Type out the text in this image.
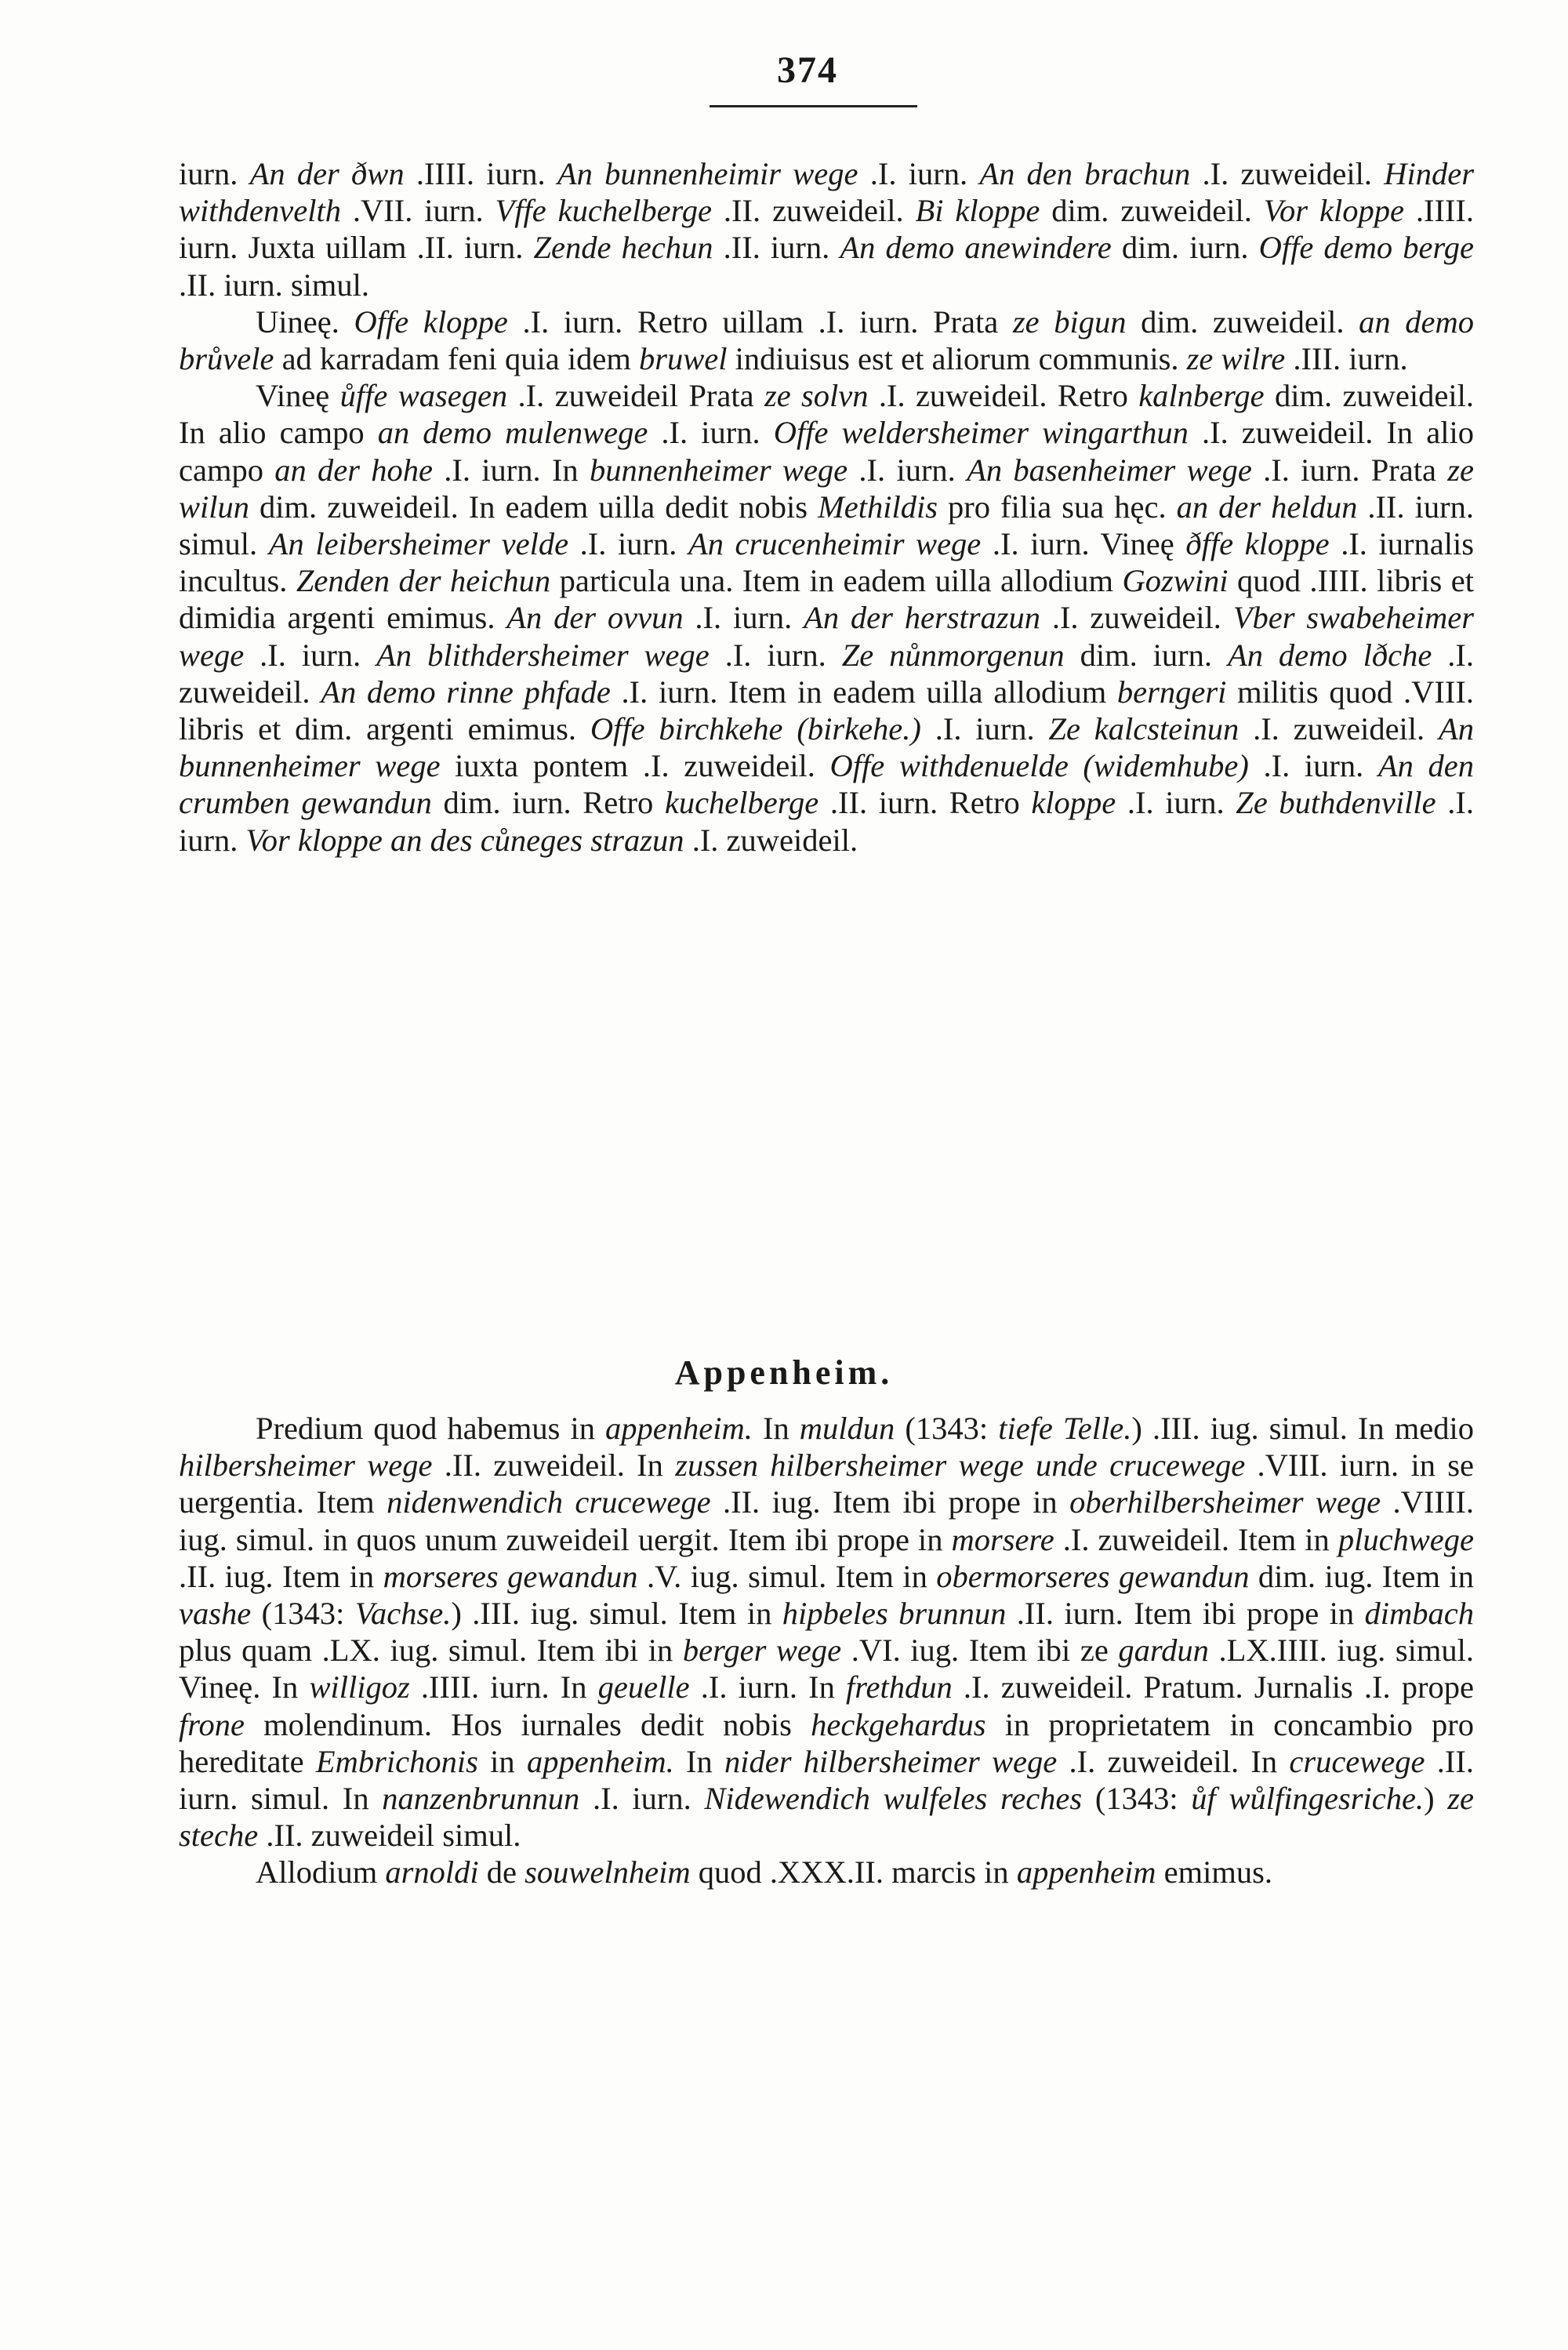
374

iurn. An der ðwn .IIII. iurn. An bunnenheimir wege .I. iurn. An den brachun .I. zuweideil. Hinder withdenvelth .VII. iurn. Vffe kuchelberge .II. zuweideil. Bi kloppe dim. zuweideil. Vor kloppe .IIII. iurn. Juxta uillam .II. iurn. Zende hechun .II. iurn. An demo anewindere dim. iurn. Offe demo berge .II. iurn. simul.

Uineę. Offe kloppe .I. iurn. Retro uillam .I. iurn. Prata ze bigun dim. zuweideil. an demo brůvele ad karradam feni quia idem bruwel indiuisus est et aliorum communis. ze wilre .III. iurn.

Vineę ůffe wasegen .I. zuweideil Prata ze solvn .I. zuweideil. Retro kalnberge dim. zuweideil. In alio campo an demo mulenwege .I. iurn. Offe weldersheimer wingarthun .I. zuweideil. In alio campo an der hohe .I. iurn. In bunnenheimer wege .I. iurn. An basenheimer wege .I. iurn. Prata ze wilun dim. zuweideil. In eadem uilla dedit nobis Methildis pro filia sua hęc. an der heldun .II. iurn. simul. An leibersheimer velde .I. iurn. An crucenheimir wege .I. iurn. Vineę ðffe kloppe .I. iurnalis incultus. Zenden der heichun particula una. Item in eadem uilla allodium Gozwini quod .IIII. libris et dimidia argenti emimus. An der ovvun .I. iurn. An der herstrazun .I. zuweideil. Vber swabeheimer wege .I. iurn. An blithdersheimer wege .I. iurn. Ze nůnmorgenun dim. iurn. An demo lðche .I. zuweideil. An demo rinne phfade .I. iurn. Item in eadem uilla allodium berngeri militis quod .VIII. libris et dim. argenti emimus. Offe birchkehe (birkehe.) .I. iurn. Ze kalcsteinun .I. zuweideil. An bunnenheimer wege iuxta pontem .I. zuweideil. Offe withdenuelde (widemhube) .I. iurn. An den crumben gewandun dim. iurn. Retro kuchelberge .II. iurn. Retro kloppe .I. iurn. Ze buthdenville .I. iurn. Vor kloppe an des cůneges strazun .I. zuweideil.

Appenheim.

Predium quod habemus in appenheim. In muldun (1343: tiefe Telle.) .III. iug. simul. In medio hilbersheimer wege .II. zuweideil. In zussen hilbersheimer wege unde crucewege .VIII. iurn. in se uergentia. Item nidenwendich crucewege .II. iug. Item ibi prope in oberhilbersheimer wege .VIIII. iug. simul. in quos unum zuweideil uergit. Item ibi prope in morsere .I. zuweideil. Item in pluchwege .II. iug. Item in morseres gewandun .V. iug. simul. Item in obermorseres gewandun dim. iug. Item in vashe (1343: Vachse.) .III. iug. simul. Item in hipbeles brunnun .II. iurn. Item ibi prope in dimbach plus quam .LX. iug. simul. Item ibi in berger wege .VI. iug. Item ibi ze gardun .LX.IIII. iug. simul. Vineę. In willigoz .IIII. iurn. In geuelle .I. iurn. In frethdun .I. zuweideil. Pratum. Jurnalis .I. prope frone molendinum. Hos iurnales dedit nobis heckgehardus in proprietatem in concambio pro hereditate Embrichonis in appenheim. In nider hilbersheimer wege .I. zuweideil. In crucewege .II. iurn. simul. In nanzenbrunnun .I. iurn. Nidewendich wulfeles reches (1343: ůf wůlfingesriche.) ze steche .II. zuweideil simul.

Allodium arnoldi de souwelnheim quod .XXX.II. marcis in appenheim emimus.
